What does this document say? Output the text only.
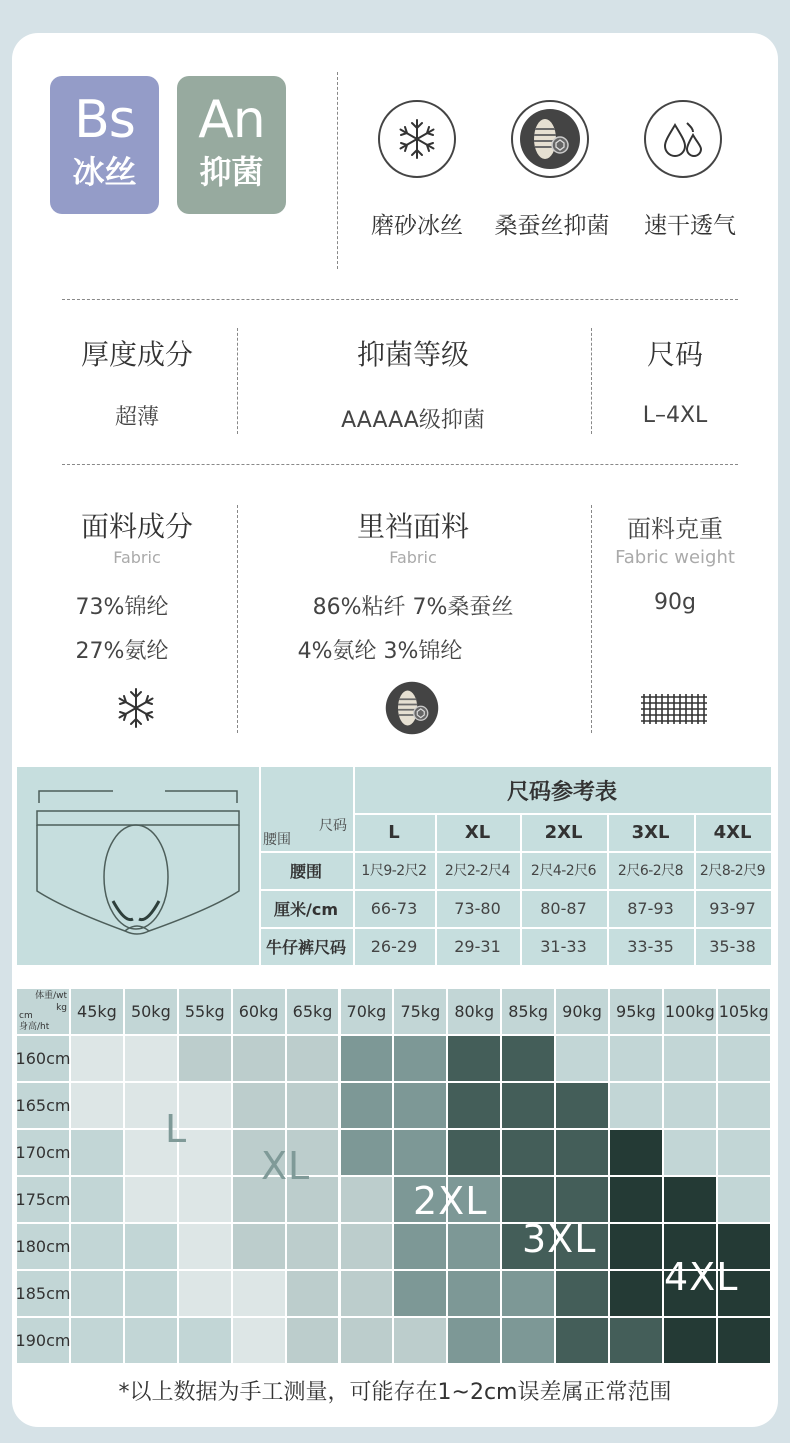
Bs
冰丝
An
抑菌
磨砂冰丝	桑蚕丝抑菌	速干透气
厚度成分
超薄
抑菌等级
AAAAA级抑菌
尺码
L–4XL
面料成分
Fabric
73%锦纶
27%氨纶
里裆面料
Fabric
86%粘纤 7%桑蚕丝
4%氨纶 3%锦纶
面料克重
Fabric weight
90g
尺码参考表
尺码
腰围	L	XL	2XL	3XL	4XL
腰围	1尺9-2尺2	2尺2-2尺4	2尺4-2尺6	2尺6-2尺8	2尺8-2尺9
厘米/cm	66-73	73-80	80-87	87-93	93-97
牛仔裤尺码	26-29	29-31	31-33	33-35	35-38
体重/wt
kg
cm
身高/ht
45kg 50kg 55kg 60kg 65kg 70kg 75kg 80kg 85kg 90kg 95kg 100kg 105kg
160cm
165cm
170cm
175cm
180cm
185cm
190cm
L
XL
2XL
3XL
4XL
*以上数据为手工测量，可能存在1~2cm误差属正常范围
